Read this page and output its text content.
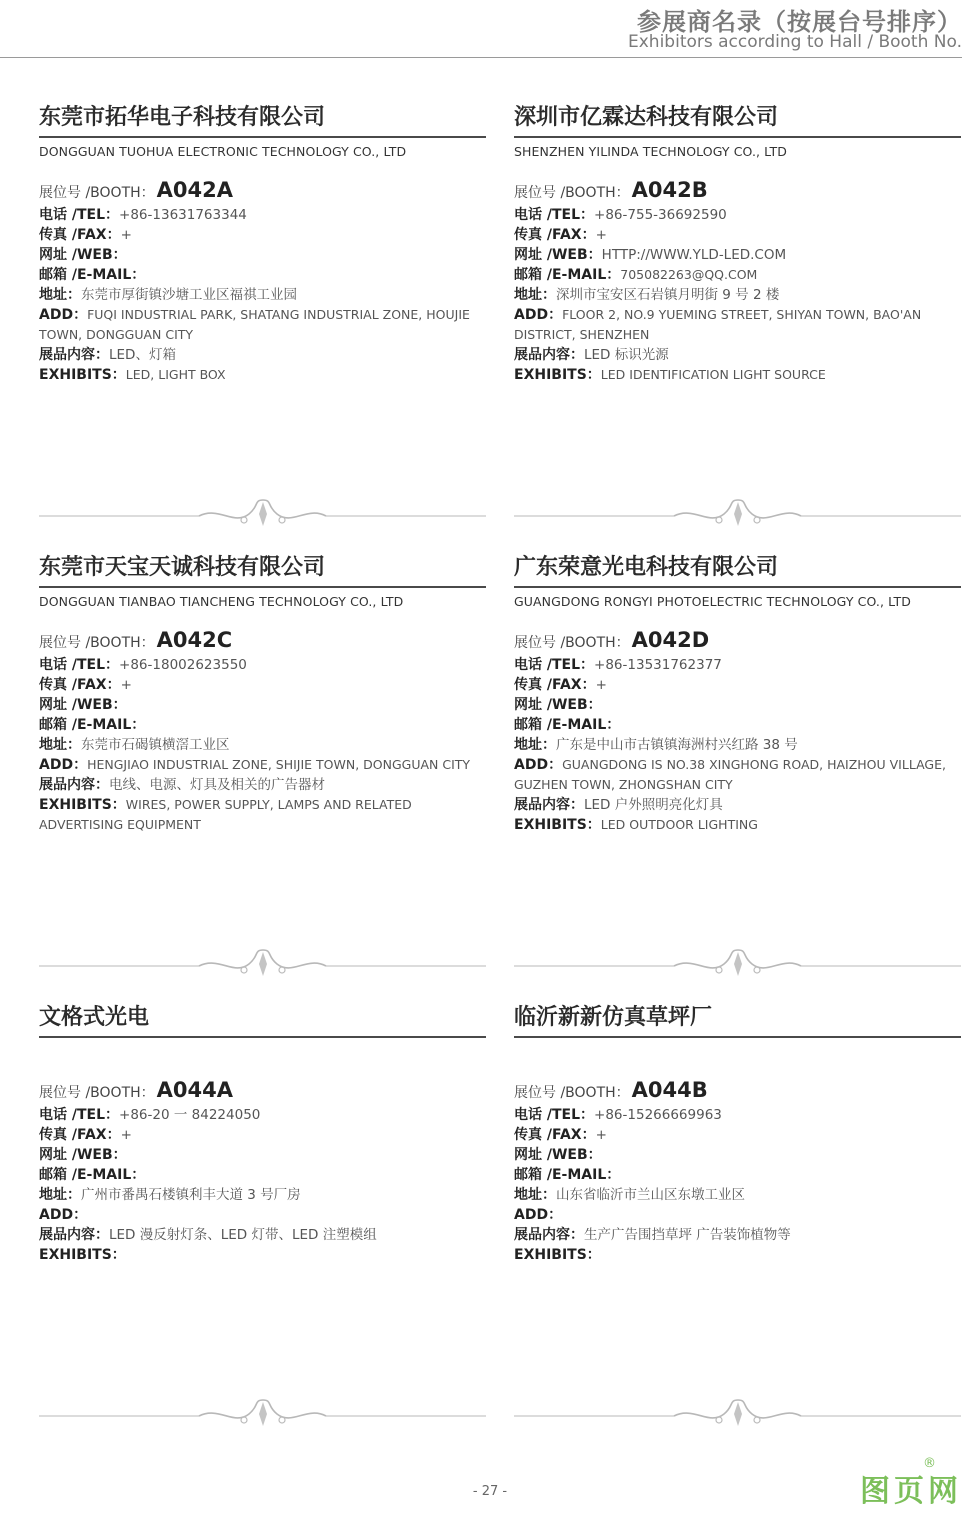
参展商名录（按展台号排序）
Exhibitors according to Hall / Booth No.
东莞市拓华电子科技有限公司
DONGGUAN TUOHUA ELECTRONIC TECHNOLOGY CO., LTD
展位号 /BOOTH：A042A
电话 /TEL：+86-13631763344
传真 /FAX：+
网址 /WEB：
邮箱 /E-MAIL：
地址：东莞市厚街镇沙塘工业区福祺工业园
ADD：FUQI INDUSTRIAL PARK, SHATANG INDUSTRIAL ZONE, HOUJIE TOWN, DONGGUAN CITY
展品内容：LED、灯箱
EXHIBITS：LED, LIGHT BOX
深圳市亿霖达科技有限公司
SHENZHEN YILINDA TECHNOLOGY CO., LTD
展位号 /BOOTH：A042B
电话 /TEL：+86-755-36692590
传真 /FAX：+
网址 /WEB：HTTP://WWW.YLD-LED.COM
邮箱 /E-MAIL：705082263@QQ.COM
地址：深圳市宝安区石岩镇月明街 9 号 2 楼
ADD：FLOOR 2, NO.9 YUEMING STREET, SHIYAN TOWN, BAO'AN DISTRICT, SHENZHEN
展品内容：LED 标识光源
EXHIBITS：LED IDENTIFICATION LIGHT SOURCE
东莞市天宝天诚科技有限公司
DONGGUAN TIANBAO TIANCHENG TECHNOLOGY CO., LTD
展位号 /BOOTH：A042C
电话 /TEL：+86-18002623550
传真 /FAX：+
网址 /WEB：
邮箱 /E-MAIL：
地址：东莞市石碣镇横滘工业区
ADD：HENGJIAO INDUSTRIAL ZONE, SHIJIE TOWN, DONGGUAN CITY
展品内容：电线、电源、灯具及相关的广告器材
EXHIBITS：WIRES, POWER SUPPLY, LAMPS AND RELATED ADVERTISING EQUIPMENT
广东荣意光电科技有限公司
GUANGDONG RONGYI PHOTOELECTRIC TECHNOLOGY CO., LTD
展位号 /BOOTH：A042D
电话 /TEL：+86-13531762377
传真 /FAX：+
网址 /WEB：
邮箱 /E-MAIL：
地址：广东是中山市古镇镇海洲村兴红路 38 号
ADD：GUANGDONG IS NO.38 XINGHONG ROAD, HAIZHOU VILLAGE, GUZHEN TOWN, ZHONGSHAN CITY
展品内容：LED 户外照明亮化灯具
EXHIBITS：LED OUTDOOR LIGHTING
文格式光电
展位号 /BOOTH：A044A
电话 /TEL：+86-20 一 84224050
传真 /FAX：+
网址 /WEB：
邮箱 /E-MAIL：
地址：广州市番禺石楼镇利丰大道 3 号厂房
ADD：
展品内容：LED 漫反射灯条、LED 灯带、LED 注塑模组
EXHIBITS：
临沂新新仿真草坪厂
展位号 /BOOTH：A044B
电话 /TEL：+86-15266669963
传真 /FAX：+
网址 /WEB：
邮箱 /E-MAIL：
地址：山东省临沂市兰山区东墩工业区
ADD：
展品内容：生产广告围挡草坪 广告装饰植物等
EXHIBITS：
- 27 -	图页网
®
